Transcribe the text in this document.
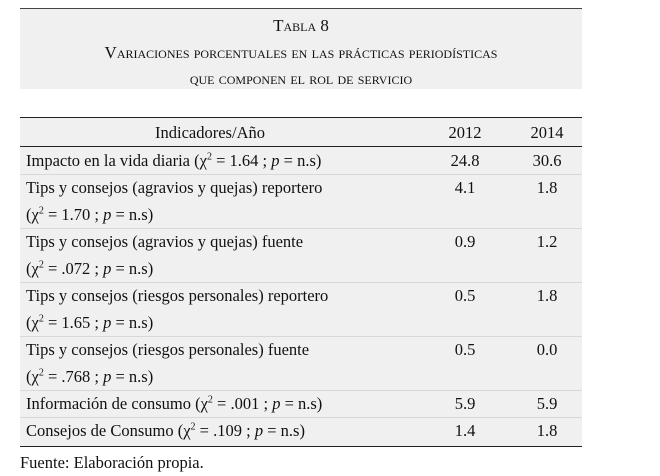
Tabla 8
Variaciones porcentuales en las prácticas periodísticas
que componen el rol de servicio
Indicadores/Año	2012	2014
Impacto en la vida diaria ($\chi^2 = 1.64$ ; p = n.s)	24.8	30.6
Tips y consejos (agravios y quejas) reportero	4.1	1.8
($\chi^2 = 1.70$ ; p = n.s)
Tips y consejos (agravios y quejas) fuente	0.9	1.2
($\chi^2 = .072$ ; p = n.s)
Tips y consejos (riesgos personales) reportero	0.5	1.8
($\chi^2 = 1.65$ ; p = n.s)
Tips y consejos (riesgos personales) fuente	0.5	0.0
($\chi^2 = .768$ ; p = n.s)
Información de consumo ($\chi^2 = .001$ ; p = n.s)	5.9	5.9
Consejos de Consumo ($\chi^2 = .109$ ; p = n.s)	1.4	1.8
Fuente: Elaboración propia.
